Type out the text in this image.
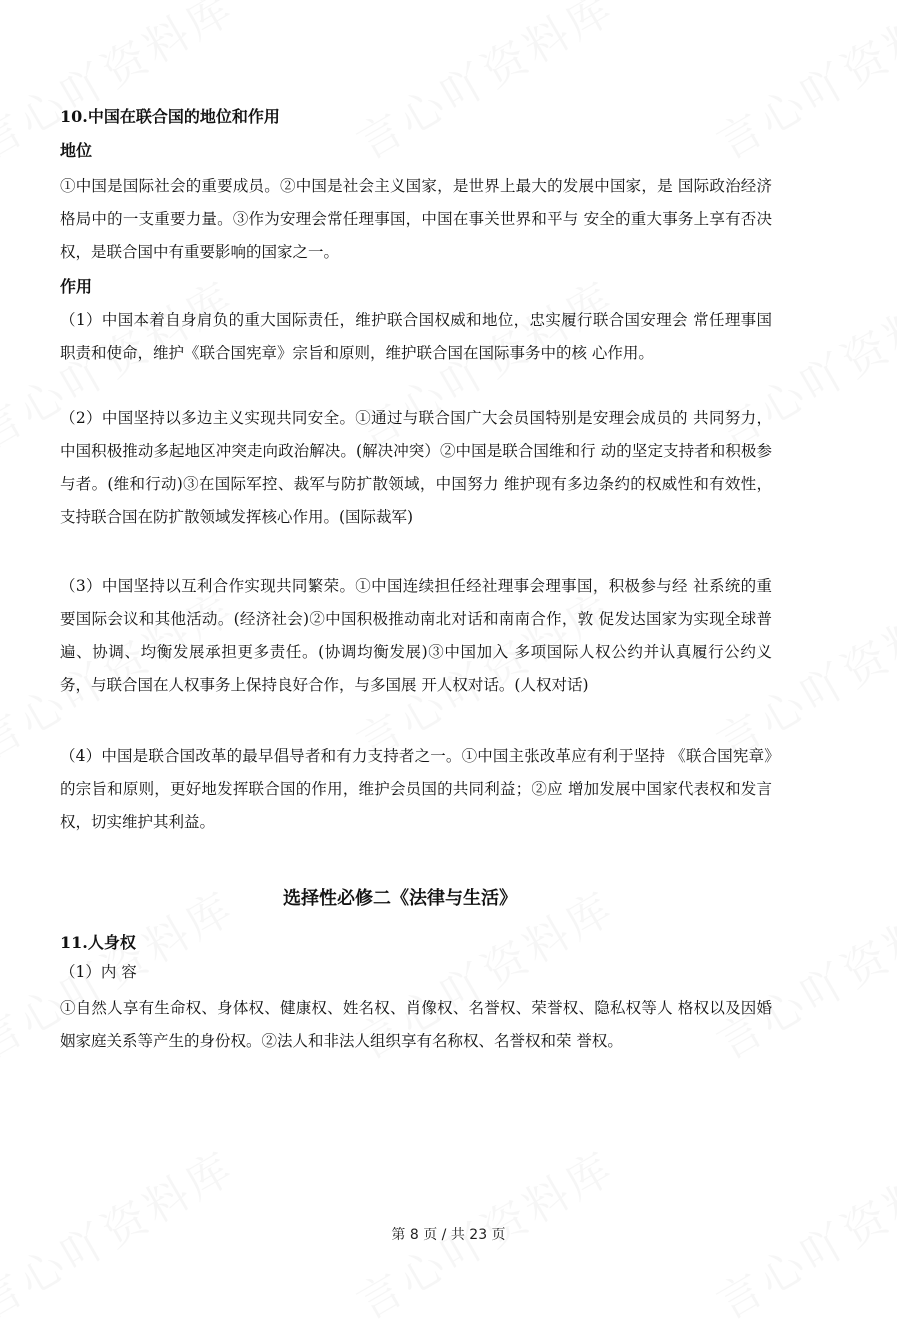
10.中国在联合国的地位和作用
地位

①中国是国际社会的重要成员。②中国是社会主义国家，是世界上最大的发展中国家，是 国际政治经济格局中的一支重要力量。③作为安理会常任理事国，中国在事关世界和平与 安全的重大事务上享有否决权，是联合国中有重要影响的国家之一。

作用

（1）中国本着自身肩负的重大国际责任，维护联合国权威和地位，忠实履行联合国安理会 常任理事国职责和使命，维护《联合国宪章》宗旨和原则，维护联合国在国际事务中的核 心作用。

（2）中国坚持以多边主义实现共同安全。①通过与联合国广大会员国特别是安理会成员的 共同努力，中国积极推动多起地区冲突走向政治解决。(解决冲突）②中国是联合国维和行 动的坚定支持者和积极参与者。(维和行动)③在国际军控、裁军与防扩散领域，中国努力 维护现有多边条约的权威性和有效性，支持联合国在防扩散领域发挥核心作用。(国际裁军)

（3）中国坚持以互利合作实现共同繁荣。①中国连续担任经社理事会理事国，积极参与经 社系统的重要国际会议和其他活动。(经济社会)②中国积极推动南北对话和南南合作，敦 促发达国家为实现全球普遍、协调、均衡发展承担更多责任。(协调均衡发展)③中国加入 多项国际人权公约并认真履行公约义务，与联合国在人权事务上保持良好合作，与多国展 开人权对话。(人权对话)

（4）中国是联合国改革的最早倡导者和有力支持者之一。①中国主张改革应有利于坚持 《联合国宪章》的宗旨和原则，更好地发挥联合国的作用，维护会员国的共同利益；②应 增加发展中国家代表权和发言权，切实维护其利益。

选择性必修二《法律与生活》
11.人身权

（1）内 容

①自然人享有生命权、身体权、健康权、姓名权、肖像权、名誉权、荣誉权、隐私权等人 格权以及因婚姻家庭关系等产生的身份权。②法人和非法人组织享有名称权、名誉权和荣 誉权。

第 8 页 / 共 23 页
